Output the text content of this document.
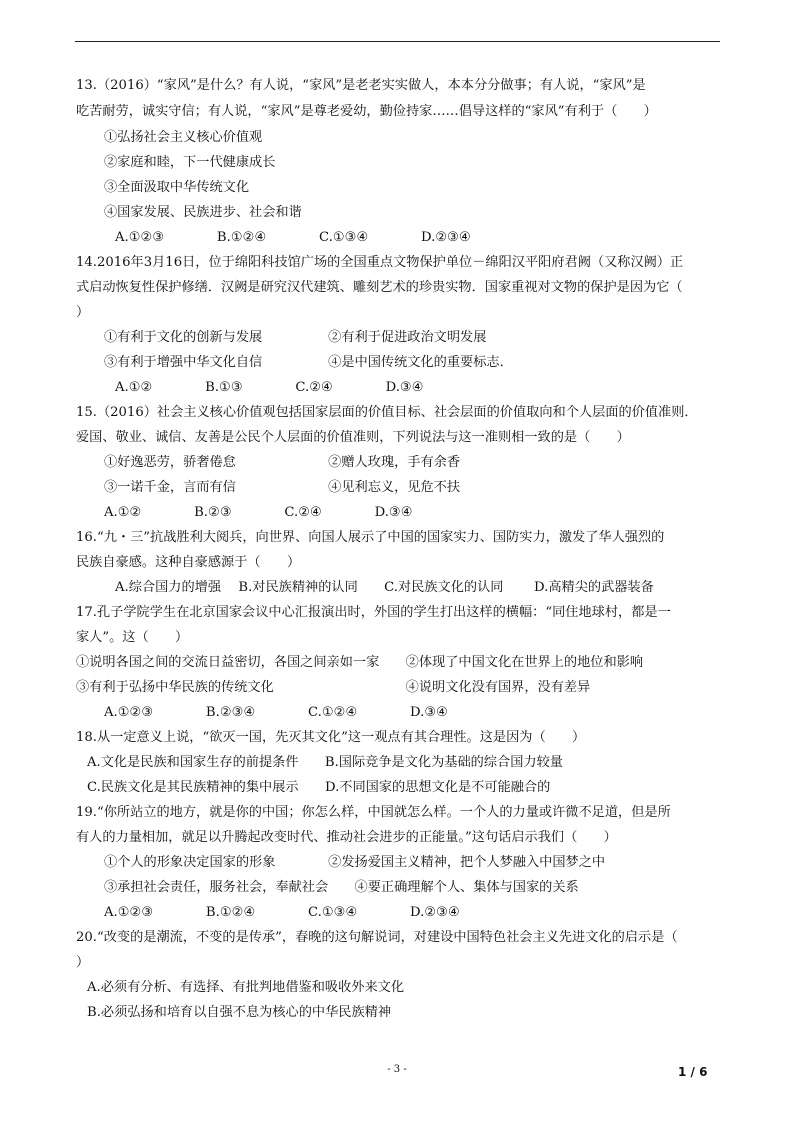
13.（2016）“家风”是什么？有人说，“家风”是老老实实做人，本本分分做事；有人说，“家风”是
吃苦耐劳，诚实守信；有人说，“家风”是尊老爱幼，勤俭持家……倡导这样的“家风”有利于（　　）
①弘扬社会主义核心价值观
②家庭和睦，下一代健康成长
③全面汲取中华传统文化
④国家发展、民族进步、社会和谐
A.①②③　　　　B.①②④　　　　C.①③④　　　　D.②③④
14.2016年3月16日，位于绵阳科技馆广场的全国重点文物保护单位－绵阳汉平阳府君阙（又称汉阙）正
式启动恢复性保护修缮．汉阙是研究汉代建筑、雕刻艺术的珍贵实物．国家重视对文物的保护是因为它（
）
①有利于文化的创新与发展　　　　　②有利于促进政治文明发展
③有利于增强中华文化自信　　　　　④是中国传统文化的重要标志．
A.①②　　　　B.①③　　　　C.②④　　　　D.③④
15.（2016）社会主义核心价值观包括国家层面的价值目标、社会层面的价值取向和个人层面的价值准则．
爱国、敬业、诚信、友善是公民个人层面的价值准则，下列说法与这一准则相一致的是（　　）
①好逸恶劳，骄奢倦怠　　　　　　　②赠人玫瑰，手有余香
③一诺千金，言而有信　　　　　　　④见利忘义，见危不扶
A.①②　　　　B.②③　　　　C.②④　　　　D.③④
16.“九・三”抗战胜利大阅兵，向世界、向国人展示了中国的国家实力、国防实力，激发了华人强烈的
民族自豪感。这种自豪感源于（　　）
A.综合国力的增强　 B.对民族精神的认同　　C.对民族文化的认同　　 D.高精尖的武器装备
17.孔子学院学生在北京国家会议中心汇报演出时，外国的学生打出这样的横幅：“同住地球村，都是一
家人”。这（　　）
①说明各国之间的交流日益密切，各国之间亲如一家　　②体现了中国文化在世界上的地位和影响
③有利于弘扬中华民族的传统文化　　　　　　　　　　④说明文化没有国界，没有差异
A.①②③　　　　B.②③④　　　　C.①②④　　　　D.③④
18.从一定意义上说，“欲灭一国，先灭其文化”这一观点有其合理性。这是因为（　　）
A.文化是民族和国家生存的前提条件　　B.国际竞争是文化为基础的综合国力较量
C.民族文化是其民族精神的集中展示　　D.不同国家的思想文化是不可能融合的
19.“你所站立的地方，就是你的中国；你怎么样，中国就怎么样。一个人的力量或许微不足道，但是所
有人的力量相加，就足以升腾起改变时代、推动社会进步的正能量。”这句话启示我们（　　）
①个人的形象决定国家的形象　　　　②发扬爱国主义精神，把个人梦融入中国梦之中
③承担社会责任，服务社会，奉献社会　　④要正确理解个人、集体与国家的关系
A.①②③　　　　B.①②④　　　　C.①③④　　　　D.②③④
20.“改变的是潮流，不变的是传承”，春晚的这句解说词，对建设中国特色社会主义先进文化的启示是（
）
A.必须有分析、有选择、有批判地借鉴和吸收外来文化
B.必须弘扬和培育以自强不息为核心的中华民族精神
- 3 -	1 / 6
